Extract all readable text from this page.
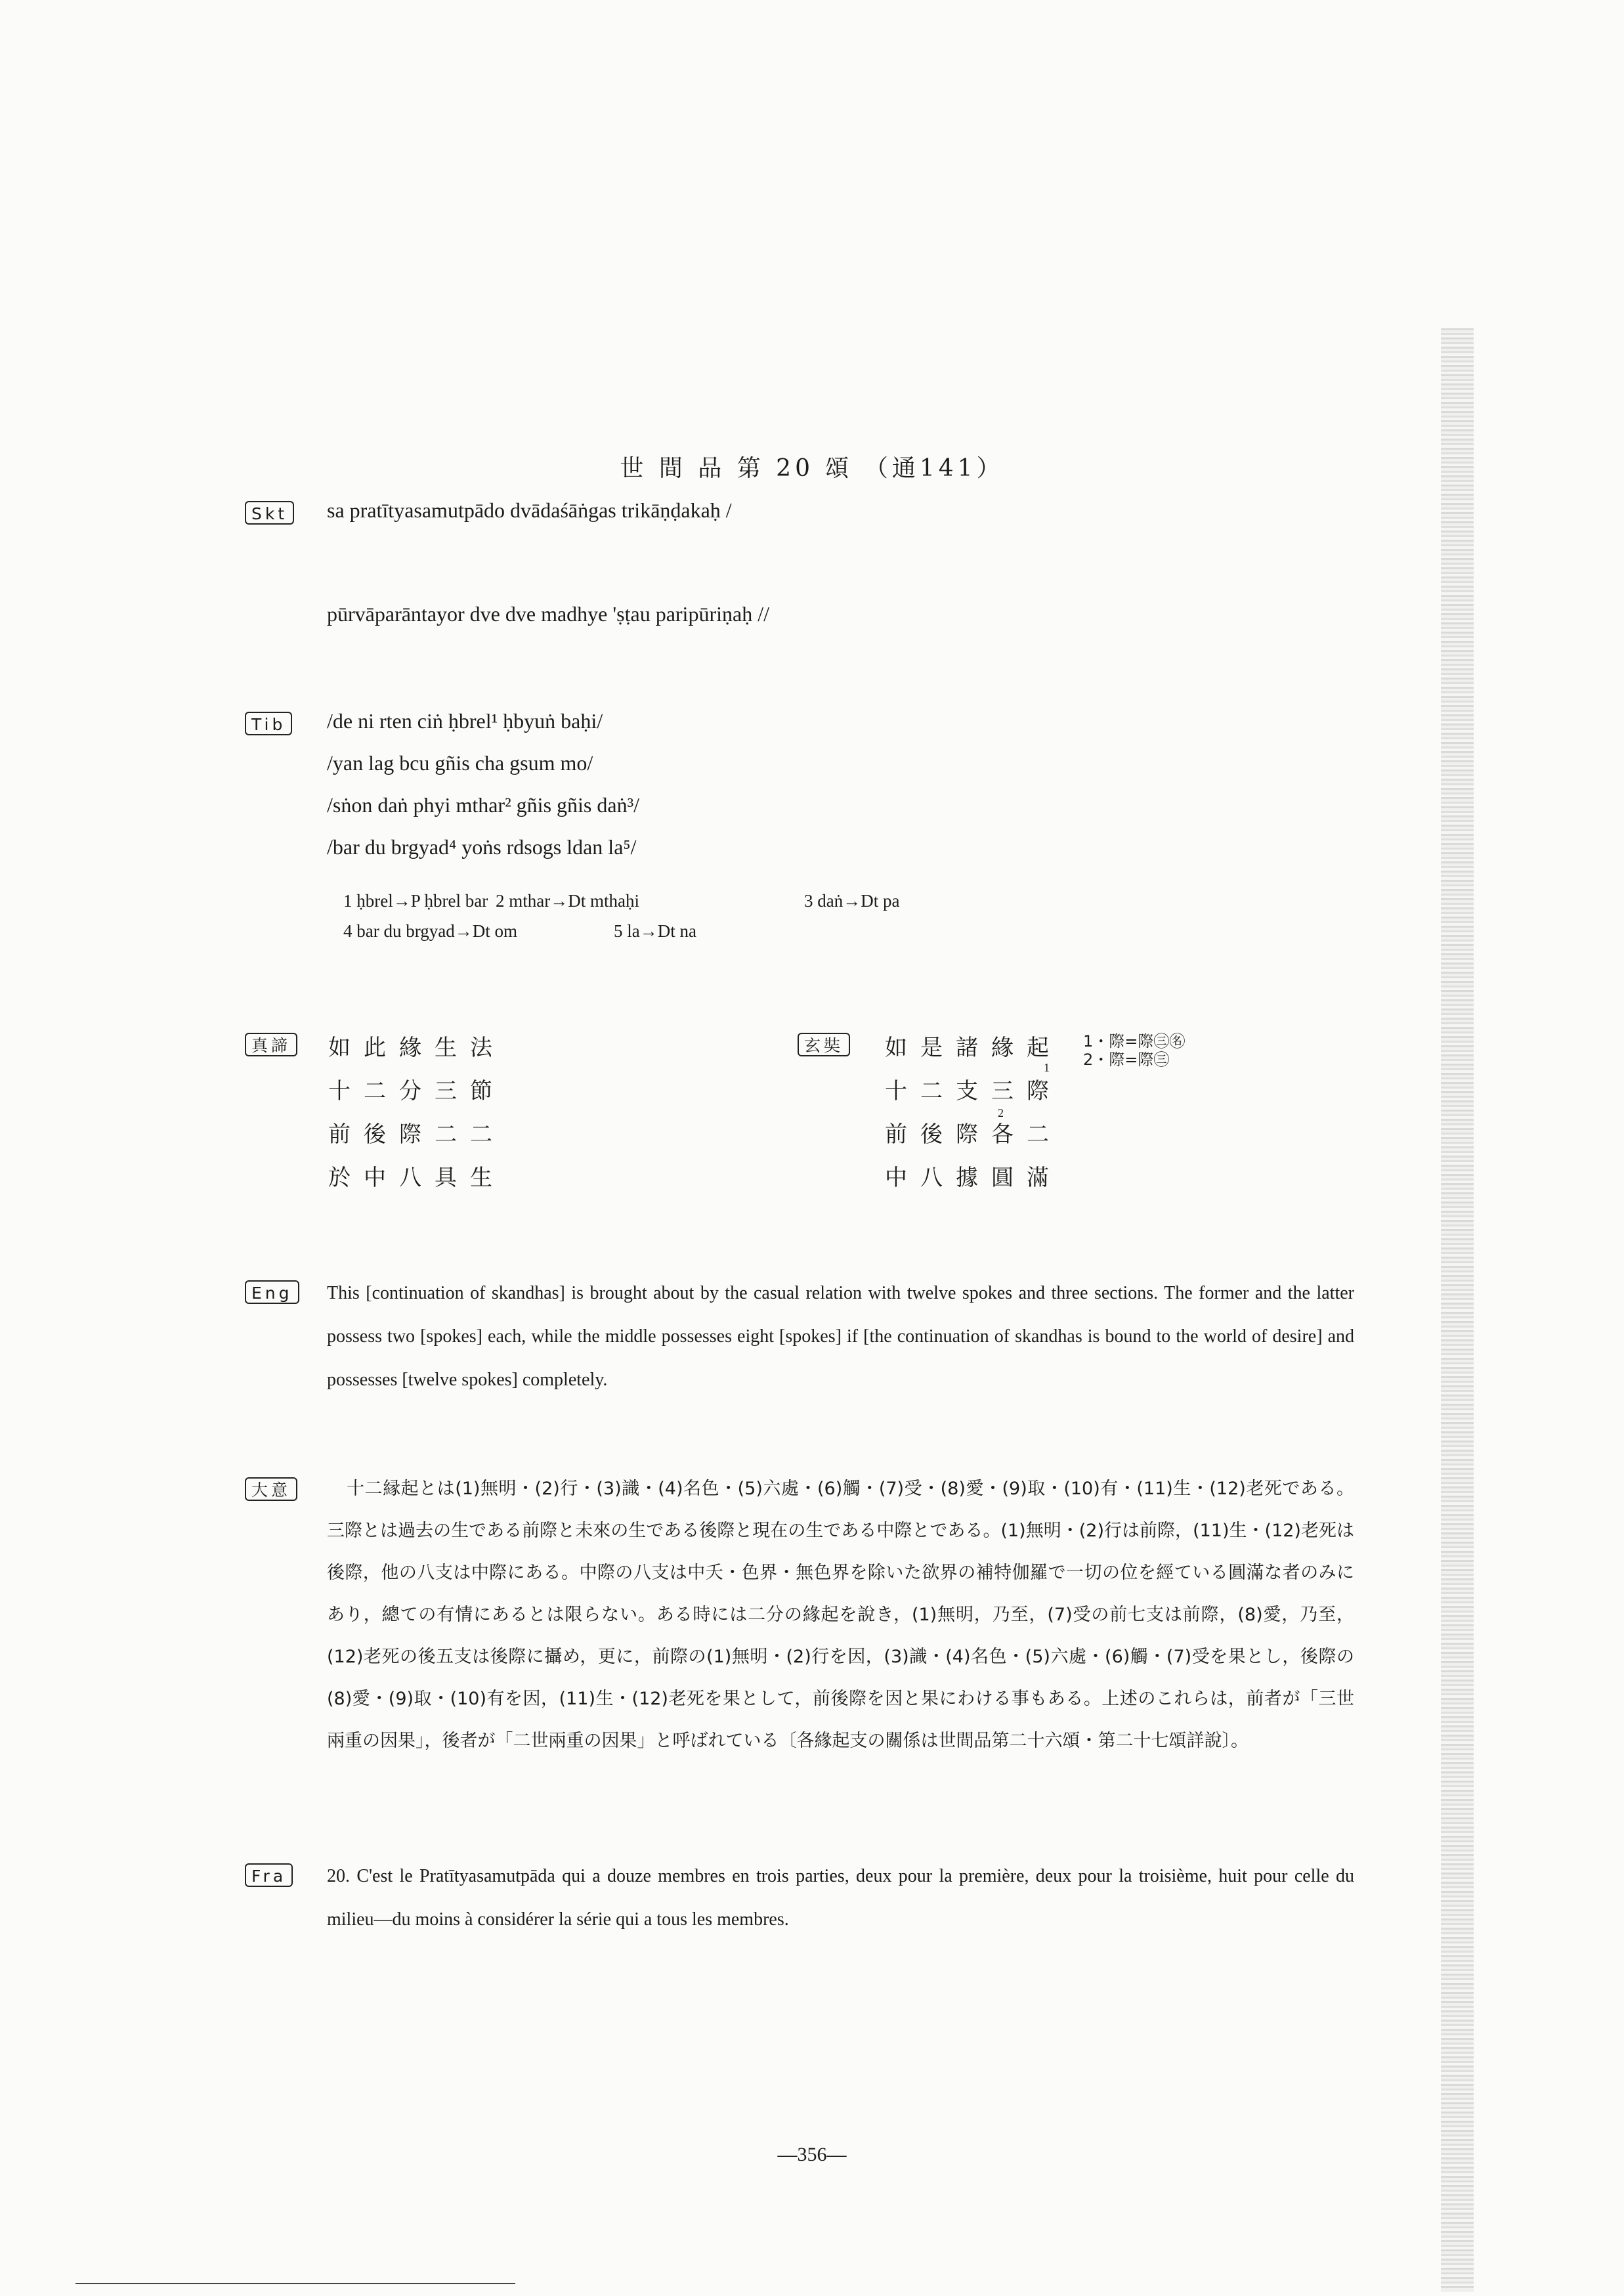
世 間 品 第 20 頌 （通141）
Skt	sa pratītyasamutpādo dvādaśāṅgas trikāṇḍakaḥ /
pūrvāparāntayor dve dve madhye 'ṣṭau paripūriṇaḥ //
Tib	/de ni rten ciṅ ḥbrel¹ ḥbyuṅ baḥi/
/yan lag bcu gñis cha gsum mo/
/sṅon daṅ phyi mthar² gñis gñis daṅ³/
/bar du brgyad⁴ yoṅs rdsogs ldan la⁵/
1 ḥbrel→P ḥbrel bar 2 mthar→Dt mthaḥi	3 daṅ→Dt pa
4 bar du brgyad→Dt om	5 la→Dt na
真諦 如此緣生法
十二分三節
前後際二二
於中八具生
玄奘 如是諸緣起
十二支三際
前後際各二
中八據圓滿
1
2
1・際=際㊂㊔
2・際=際㊂
Eng	This [continuation of skandhas] is brought about by the casual relation with twelve spokes and three sections. The former and the latter possess two [spokes] each, while the middle possesses eight [spokes] if [the continuation of skandhas is bound to the world of desire] and possesses [twelve spokes] completely.
大意	十二縁起とは(1)無明・(2)行・(3)識・(4)名色・(5)六處・(6)觸・(7)受・(8)愛・(9)取・(10)有・(11)生・(12)老死である。三際とは過去の生である前際と未來の生である後際と現在の生である中際とである。(1)無明・(2)行は前際，(11)生・(12)老死は後際，他の八支は中際にある。中際の八支は中夭・色界・無色界を除いた欲界の補特伽羅で一切の位を經ている圓滿な者のみにあり，總ての有情にあるとは限らない。ある時には二分の緣起を說き，(1)無明，乃至，(7)受の前七支は前際，(8)愛，乃至，(12)老死の後五支は後際に攝め，更に，前際の(1)無明・(2)行を因，(3)識・(4)名色・(5)六處・(6)觸・(7)受を果とし，後際の(8)愛・(9)取・(10)有を因，(11)生・(12)老死を果として，前後際を因と果にわける事もある。上述のこれらは，前者が「三世兩重の因果」，後者が「二世兩重の因果」と呼ばれている〔各緣起支の關係は世間品第二十六頌・第二十七頌詳說〕。
Fra	20. C'est le Pratītyasamutpāda qui a douze membres en trois parties, deux pour la première, deux pour la troisième, huit pour celle du milieu—du moins à considérer la série qui a tous les membres.
—356—
